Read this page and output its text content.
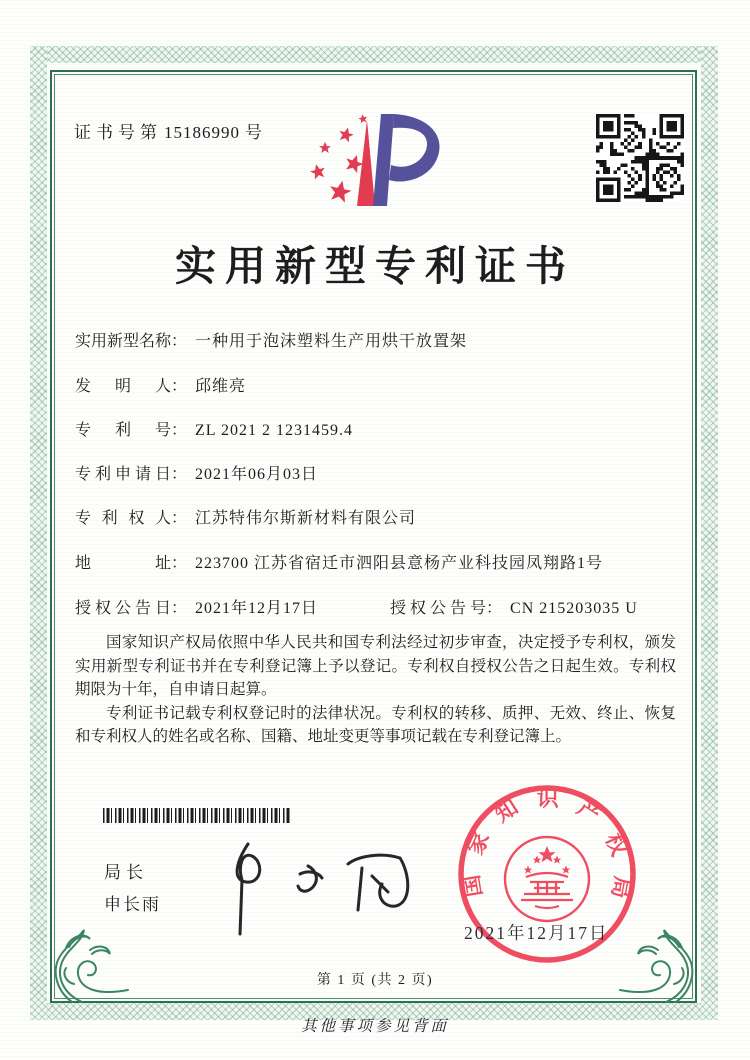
证书号第 15186990 号
实用新型专利证书
实用新型名称： 一种用于泡沫塑料生产用烘干放置架
发明人： 邱维亮
专利号： ZL 2021 2 1231459.4
专利申请日： 2021年06月03日
专利权人： 江苏特伟尔斯新材料有限公司
地址： 223700 江苏省宿迁市泗阳县意杨产业科技园凤翔路1号
授权公告日： 2021年12月17日	授权公告号： CN 215203035 U

国家知识产权局依照中华人民共和国专利法经过初步审查，决定授予专利权，颁发实用新型专利证书并在专利登记簿上予以登记。专利权自授权公告之日起生效。专利权期限为十年，自申请日起算。

专利证书记载专利权登记时的法律状况。专利权的转移、质押、无效、终止、恢复和专利权人的姓名或名称、国籍、地址变更等事项记载在专利登记簿上。

局长
申长雨
国家知识产权局
2021年12月17日
第 1 页 (共 2 页)
其他事项参见背面
